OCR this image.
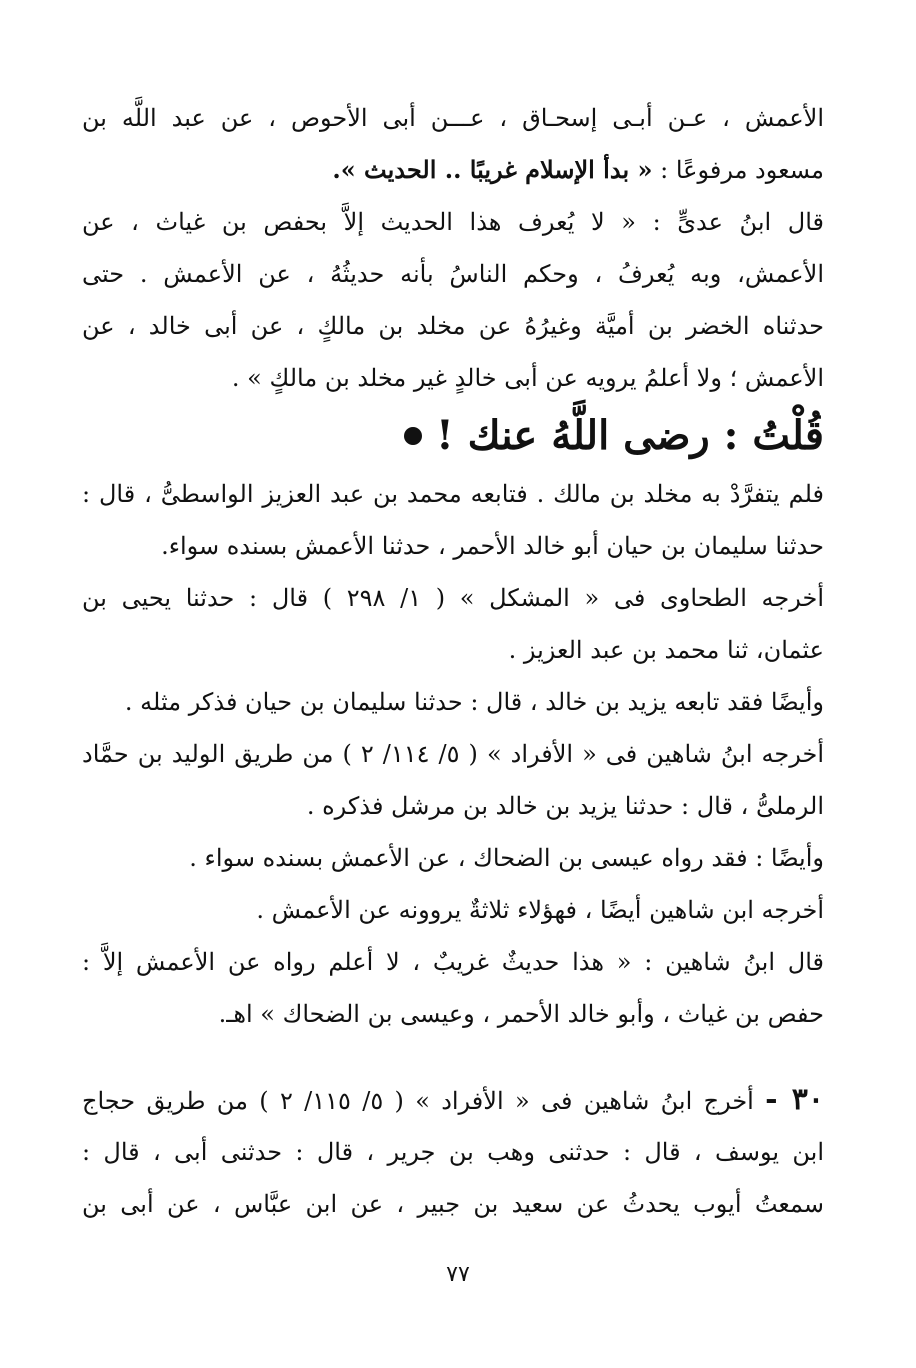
الأعمش ، عـن أبـى إسحـاق ، عـــن أبى الأحوص ، عن عبد اللَّه بن
مسعود مرفوعًا : « بدأ الإسلام غريبًا .. الحديث ».
قال ابنُ عدىٍّ : « لا يُعرف هذا الحديث إلاَّ بحفص بن غياث ، عن
الأعمش، وبه يُعرفُ ، وحكم الناسُ بأنه حديثُهُ ، عن الأعمش . حتى
حدثناه الخضر بن أميَّة وغيرُهُ عن مخلد بن مالكٍ ، عن أبى خالد ، عن
الأعمش ؛ ولا أعلمُ يرويه عن أبى خالدٍ غير مخلد بن مالكٍ » .
قُلْتُ : رضى اللَّهُ عنك !
فلم يتفرَّدْ به مخلد بن مالك . فتابعه محمد بن عبد العزيز الواسطىُّ ، قال :
حدثنا سليمان بن حيان أبو خالد الأحمر ، حدثنا الأعمش بسنده سواء.
أخرجه الطحاوى فى « المشكل » ( ١/ ٢٩٨ ) قال : حدثنا يحيى بن
عثمان، ثنا محمد بن عبد العزيز .
وأيضًا فقد تابعه يزيد بن خالد ، قال : حدثنا سليمان بن حيان فذكر مثله .
أخرجه ابنُ شاهين فى « الأفراد » ( ٥/ ١١٤/ ٢ ) من طريق الوليد بن حمَّاد
الرملىُّ ، قال : حدثنا يزيد بن خالد بن مرشل فذكره .
وأيضًا : فقد رواه عيسى بن الضحاك ، عن الأعمش بسنده سواء .
أخرجه ابن شاهين أيضًا ، فهؤلاء ثلاثةٌ يروونه عن الأعمش .
قال ابنُ شاهين : « هذا حديثٌ غريبٌ ، لا أعلم رواه عن الأعمش إلاَّ :
حفص بن غياث ، وأبو خالد الأحمر ، وعيسى بن الضحاك » اهـ.
٣٠ - أخرج ابنُ شاهين فى « الأفراد » ( ٥/ ١١٥/ ٢ ) من طريق حجاج
ابن يوسف ، قال : حدثنى وهب بن جرير ، قال : حدثنى أبى ، قال :
سمعتُ أيوب يحدثُ عن سعيد بن جبير ، عن ابن عبَّاس ، عن أبى بن
٧٧
